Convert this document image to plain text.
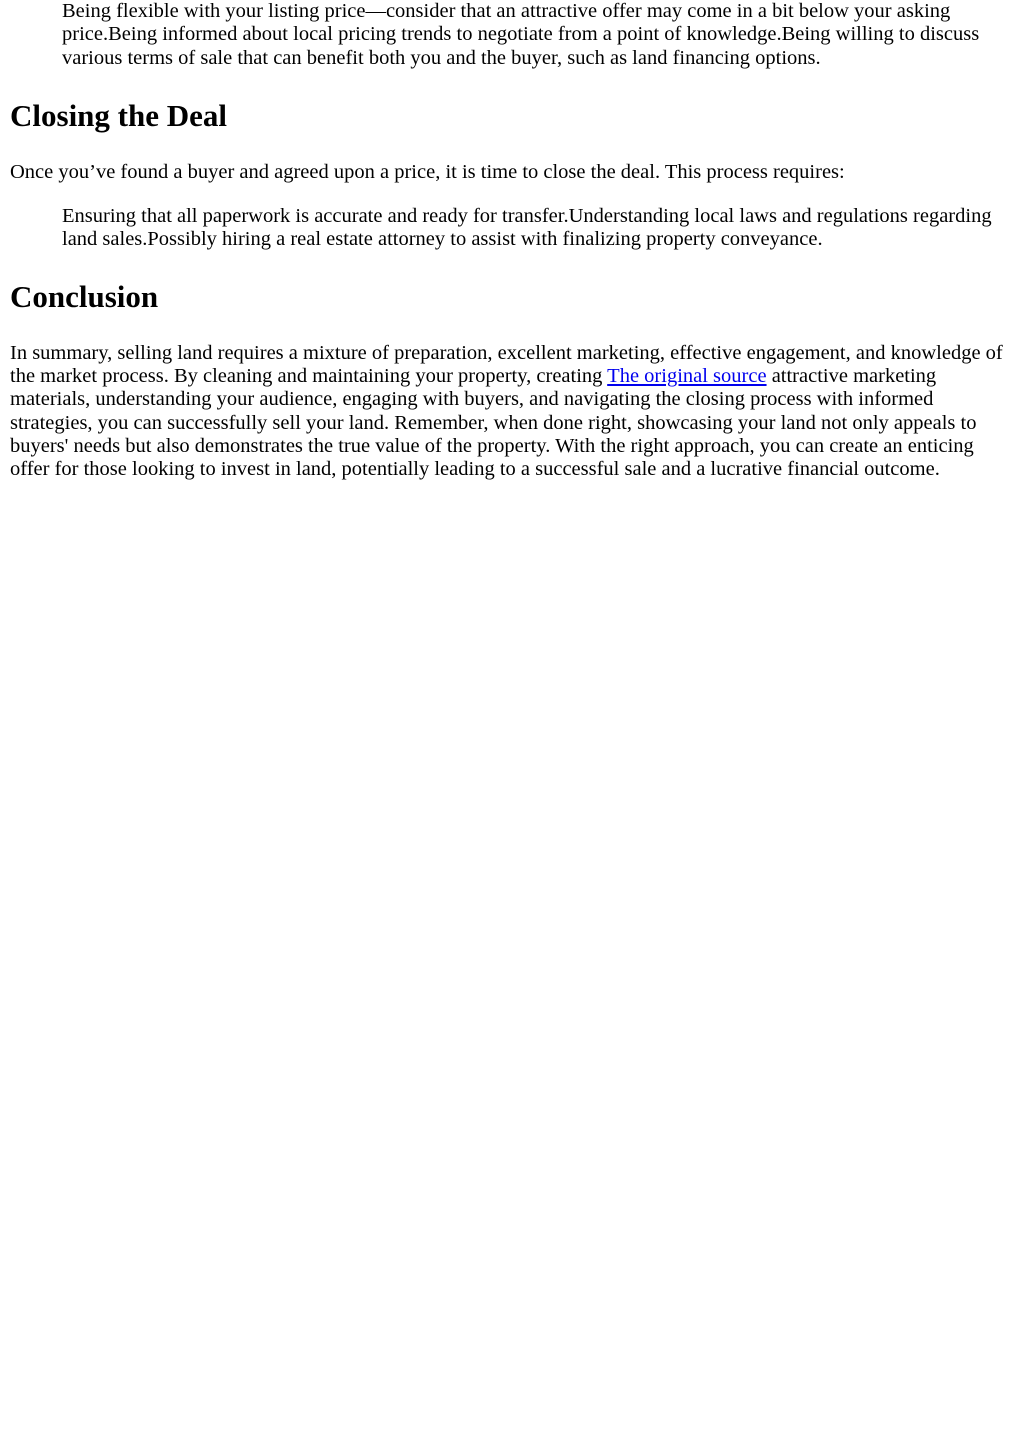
Being flexible with your listing price—consider that an attractive offer may come in a bit below your asking price.Being informed about local pricing trends to negotiate from a point of knowledge.Being willing to discuss various terms of sale that can benefit both you and the buyer, such as land financing options.

Closing the Deal

Once you’ve found a buyer and agreed upon a price, it is time to close the deal. This process requires:

Ensuring that all paperwork is accurate and ready for transfer.Understanding local laws and regulations regarding land sales.Possibly hiring a real estate attorney to assist with finalizing property conveyance.

Conclusion

In summary, selling land requires a mixture of preparation, excellent marketing, effective engagement, and knowledge of the market process. By cleaning and maintaining your property, creating The original source attractive marketing materials, understanding your audience, engaging with buyers, and navigating the closing process with informed strategies, you can successfully sell your land. Remember, when done right, showcasing your land not only appeals to buyers' needs but also demonstrates the true value of the property. With the right approach, you can create an enticing offer for those looking to invest in land, potentially leading to a successful sale and a lucrative financial outcome.
